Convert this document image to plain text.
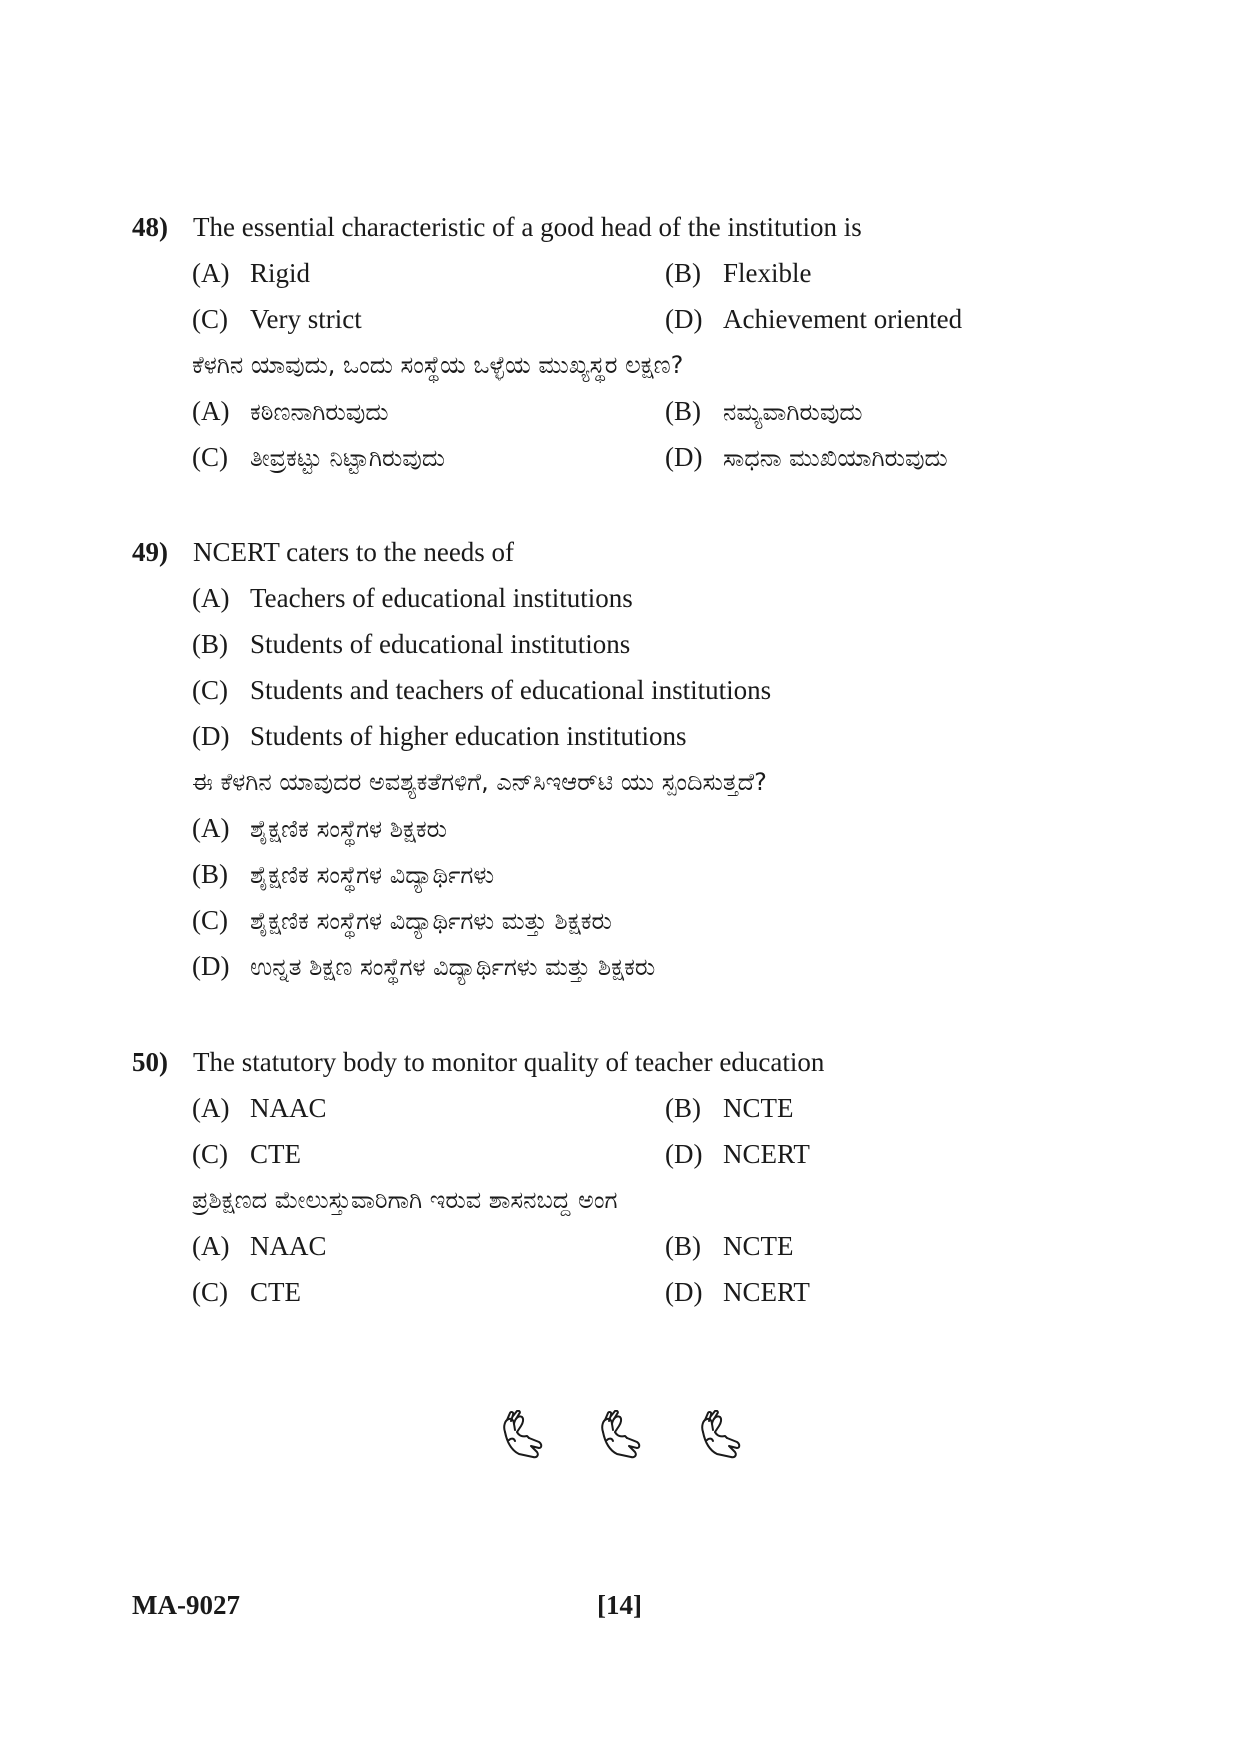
48) The essential characteristic of a good head of the institution is
(A) Rigid	(B) Flexible
(C) Very strict	(D) Achievement oriented
ಕೆಳಗಿನ ಯಾವುದು, ಒಂದು ಸಂಸ್ಥೆಯ ಒಳ್ಳೆಯ ಮುಖ್ಯಸ್ಥರ ಲಕ್ಷಣ?
(A) ಕಠಿಣನಾಗಿರುವುದು	(B) ನಮ್ಯವಾಗಿರುವುದು
(C) ತೀವ್ರಕಟ್ಟು ನಿಟ್ಟಾಗಿರುವುದು	(D) ಸಾಧನಾ ಮುಖಿಯಾಗಿರುವುದು
49) NCERT caters to the needs of
(A) Teachers of educational institutions
(B) Students of educational institutions
(C) Students and teachers of educational institutions
(D) Students of higher education institutions
ಈ ಕೆಳಗಿನ ಯಾವುದರ ಅವಶ್ಯಕತೆಗಳಿಗೆ, ಎನ್‌ಸಿಇಆರ್‌ಟಿ ಯು ಸ್ಪಂದಿಸುತ್ತದೆ?
(A) ಶೈಕ್ಷಣಿಕ ಸಂಸ್ಥೆಗಳ ಶಿಕ್ಷಕರು
(B) ಶೈಕ್ಷಣಿಕ ಸಂಸ್ಥೆಗಳ ವಿದ್ಯಾರ್ಥಿಗಳು
(C) ಶೈಕ್ಷಣಿಕ ಸಂಸ್ಥೆಗಳ ವಿದ್ಯಾರ್ಥಿಗಳು ಮತ್ತು ಶಿಕ್ಷಕರು
(D) ಉನ್ನತ ಶಿಕ್ಷಣ ಸಂಸ್ಥೆಗಳ ವಿದ್ಯಾರ್ಥಿಗಳು ಮತ್ತು ಶಿಕ್ಷಕರು
50) The statutory body to monitor quality of teacher education
(A) NAAC	(B) NCTE
(C) CTE	(D) NCERT
ಪ್ರಶಿಕ್ಷಣದ ಮೇಲುಸ್ತುವಾರಿಗಾಗಿ ಇರುವ ಶಾಸನಬದ್ದ ಅಂಗ
(A) NAAC	(B) NCTE
(C) CTE	(D) NCERT
MA-9027	[14]
